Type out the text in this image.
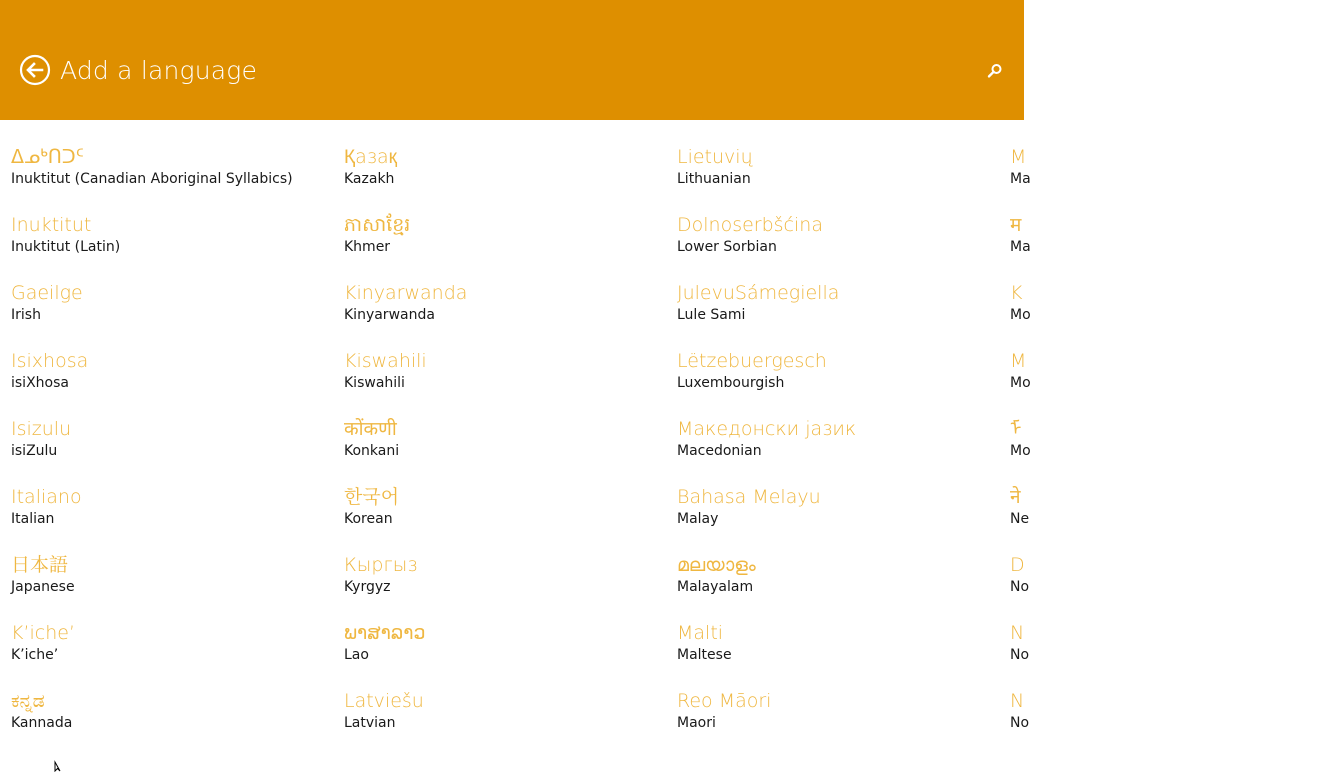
Add a language
ᐃᓄᒃᑎᑐᑦ
Inuktitut (Canadian Aboriginal Syllabics)
Inuktitut
Inuktitut (Latin)
Gaeilge
Irish
Isixhosa
isiXhosa
Isizulu
isiZulu
Italiano
Italian
日本語
Japanese
K’iche’
K’iche’
ಕನ್ನಡ
Kannada
Қазақ
Kazakh
ភាសាខ្មែរ
Khmer
Kinyarwanda
Kinyarwanda
Kiswahili
Kiswahili
कोंकणी
Konkani
한국어
Korean
Кыргыз
Kyrgyz
ພາສາລາວ
Lao
Latviešu
Latvian
Lietuvių
Lithuanian
Dolnoserbšćina
Lower Sorbian
JulevuSámegiella
Lule Sami
Lëtzebuergesch
Luxembourgish
Македонски јазик
Macedonian
Bahasa Melayu
Malay
മലയാളം
Malayalam
Malti
Maltese
Reo Māori
Maori
M
Ma
म
Ma
K
Mo
M
Mo
ᠮ
Mo
ने
Ne
D
No
N
No
N
No
